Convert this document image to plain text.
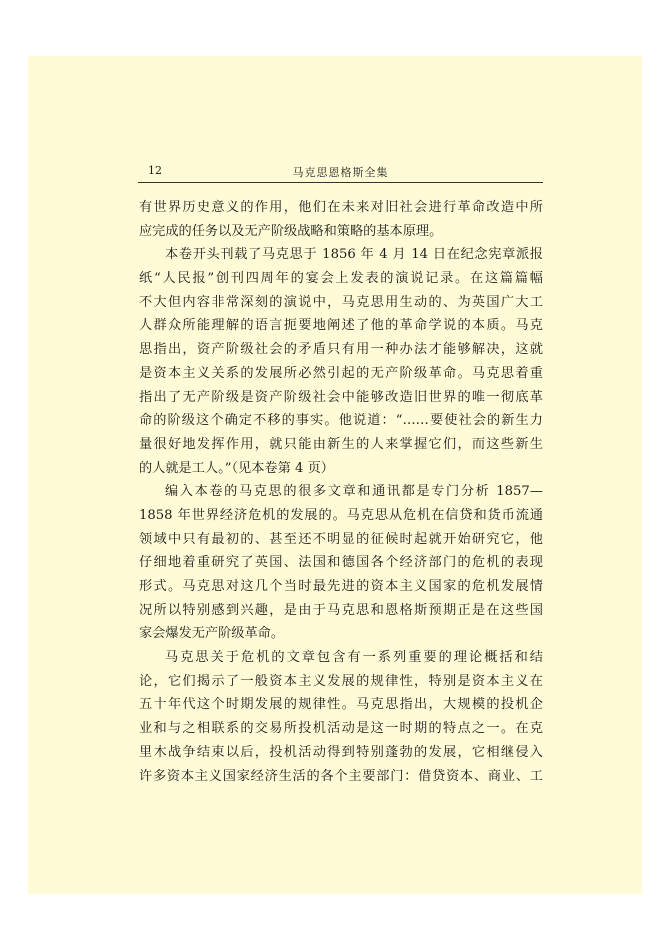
12	马克思恩格斯全集
有世界历史意义的作用，他们在未来对旧社会进行革命改造中所
应完成的任务以及无产阶级战略和策略的基本原理。
本卷开头刊载了马克思于 1856 年 4 月 14 日在纪念宪章派报
纸“人民报”创刊四周年的宴会上发表的演说记录。在这篇篇幅
不大但内容非常深刻的演说中，马克思用生动的、为英国广大工
人群众所能理解的语言扼要地阐述了他的革命学说的本质。马克
思指出，资产阶级社会的矛盾只有用一种办法才能够解决，这就
是资本主义关系的发展所必然引起的无产阶级革命。马克思着重
指出了无产阶级是资产阶级社会中能够改造旧世界的唯一彻底革
命的阶级这个确定不移的事实。他说道：“……要使社会的新生力
量很好地发挥作用，就只能由新生的人来掌握它们，而这些新生
的人就是工人。”（见本卷第 4 页）
编入本卷的马克思的很多文章和通讯都是专门分析 1857—
1858 年世界经济危机的发展的。马克思从危机在信贷和货币流通
领域中只有最初的、甚至还不明显的征候时起就开始研究它，他
仔细地着重研究了英国、法国和德国各个经济部门的危机的表现
形式。马克思对这几个当时最先进的资本主义国家的危机发展情
况所以特别感到兴趣，是由于马克思和恩格斯预期正是在这些国
家会爆发无产阶级革命。
马克思关于危机的文章包含有一系列重要的理论概括和结
论，它们揭示了一般资本主义发展的规律性，特别是资本主义在
五十年代这个时期发展的规律性。马克思指出，大规模的投机企
业和与之相联系的交易所投机活动是这一时期的特点之一。在克
里木战争结束以后，投机活动得到特别蓬勃的发展，它相继侵入
许多资本主义国家经济生活的各个主要部门：借贷资本、商业、工
